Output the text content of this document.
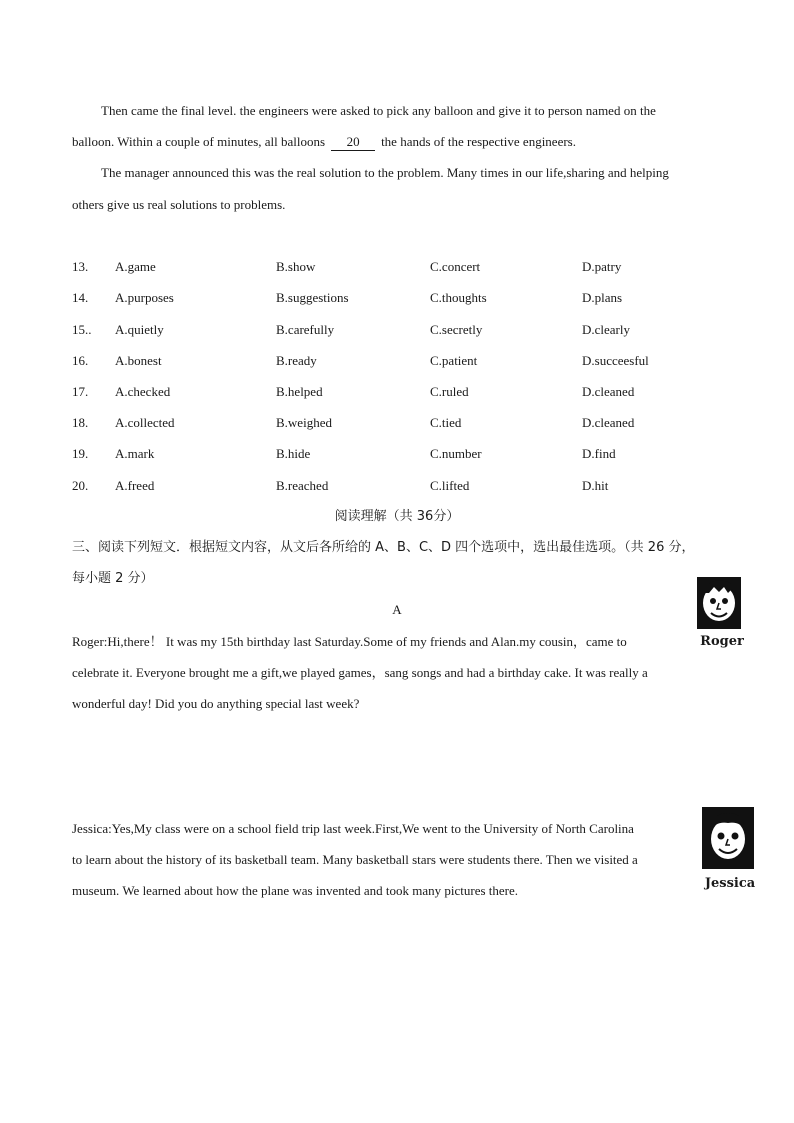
Then came the final level. the engineers were asked to pick any balloon and give it to person named on the
balloon. Within a couple of minutes, all balloons 20 the hands of the respective engineers.
The manager announced this was the real solution to the problem. Many times in our life,sharing and helping
others give us real solutions to problems.
13. A.game	B.show	C.concert	D.patry
14. A.purposes	B.suggestions	C.thoughts	D.plans
15.. A.quietly	B.carefully	C.secretly	D.clearly
16. A.bonest	B.ready	C.patient	D.succeesful
17. A.checked	B.helped	C.ruled	D.cleaned
18. A.collected	B.weighed	C.tied	D.cleaned
19. A.mark	B.hide	C.number	D.find
20. A.freed	B.reached	C.lifted	D.hit
阅读理解（共 36分）
三、阅读下列短文．根据短文内容，从文后各所给的 A、B、C、D 四个选项中，选出最佳选项。（共 26 分，
每小题 2 分）
A
Roger
Roger:Hi,there！ It was my 15th birthday last Saturday.Some of my friends and Alan.my cousin，came to
celebrate it. Everyone brought me a gift,we played games，sang songs and had a birthday cake. It was really a
wonderful day! Did you do anything special last week?
Jessica
Jessica:Yes,My class were on a school field trip last week.First,We went to the University of North Carolina
to learn about the history of its basketball team. Many basketball stars were students there. Then we visited a
museum. We learned about how the plane was invented and took many pictures there.
